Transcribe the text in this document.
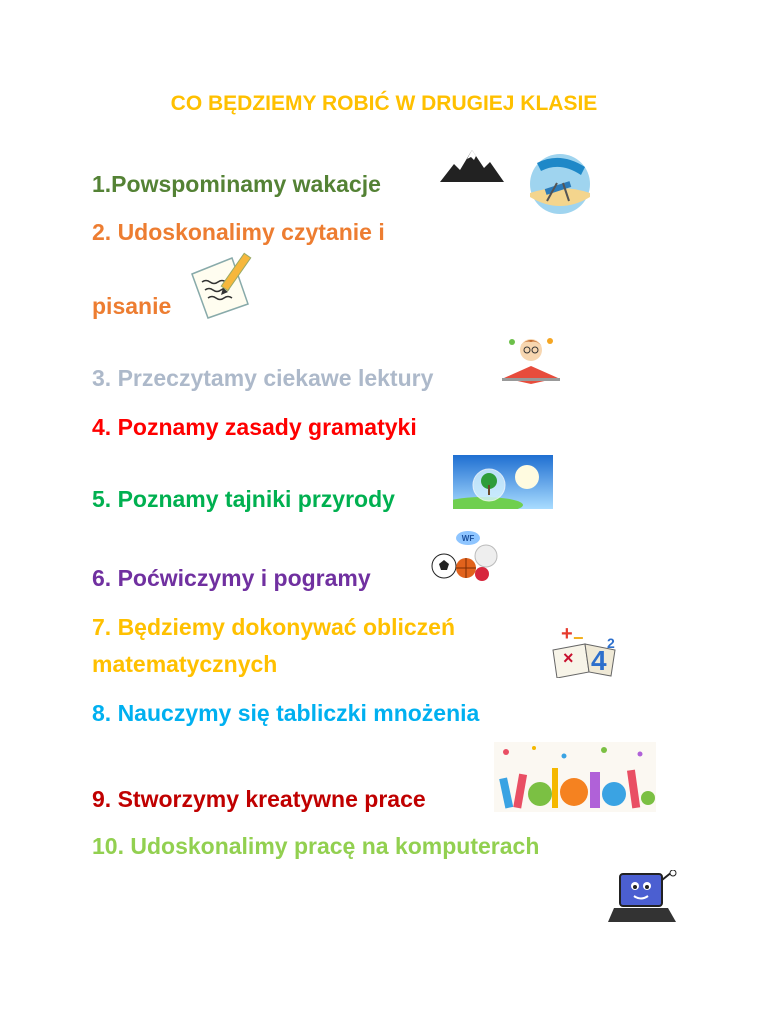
CO BĘDZIEMY ROBIĆ W DRUGIEJ KLASIE
1.Powspominamy wakacje
2. Udoskonalimy czytanie i
pisanie
3. Przeczytamy ciekawe lektury
4. Poznamy zasady gramatyki
5. Poznamy tajniki przyrody
6. Poćwiczymy i pogramy
WF
7. Będziemy dokonywać obliczeń
matematycznych
+ −
× 4
2
8. Nauczymy się tabliczki mnożenia
9. Stworzymy kreatywne prace
10. Udoskonalimy pracę na komputerach
